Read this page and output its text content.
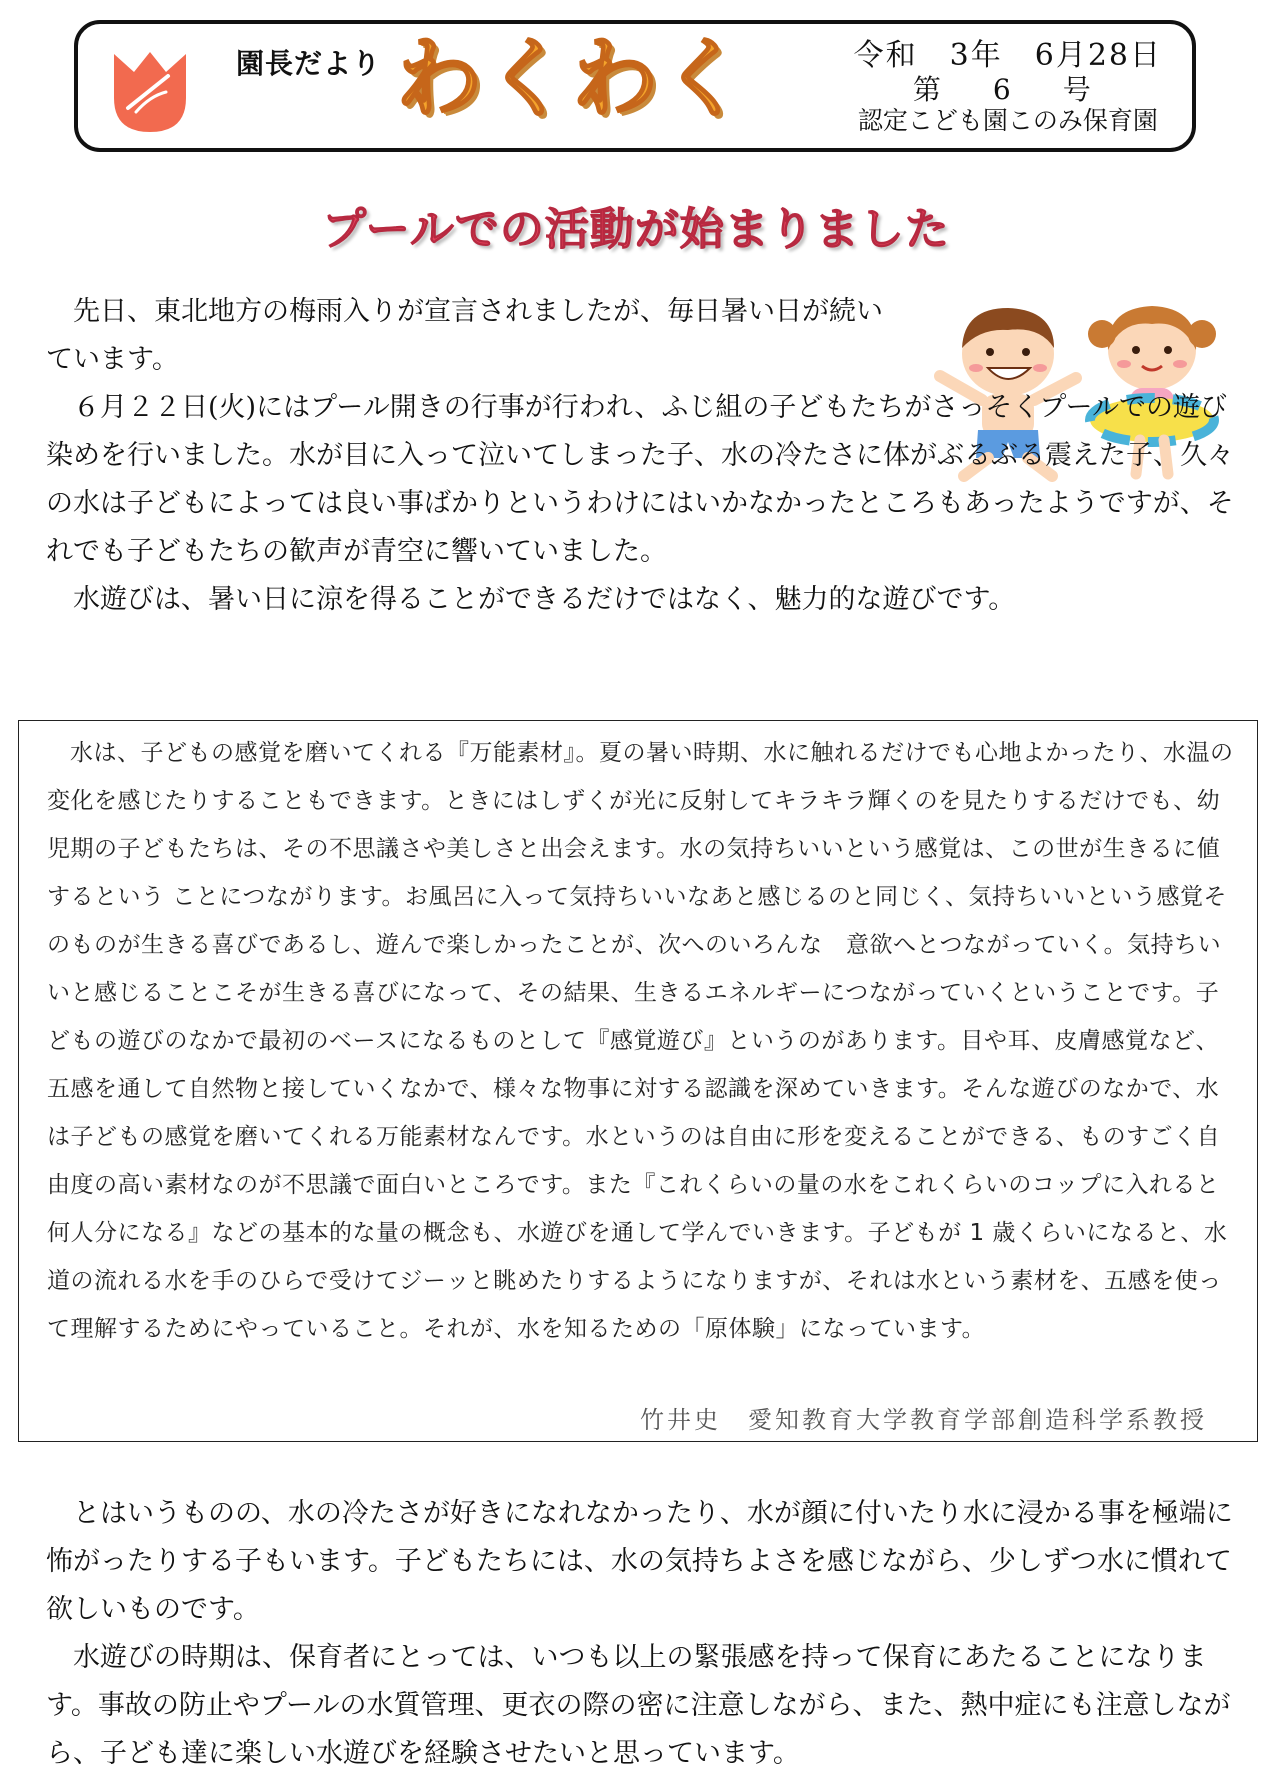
園長だより わくわく	令和　3年　6月28日
第　6　号
認定こども園このみ保育園
プールでの活動が始まりました

先日、東北地方の梅雨入りが宣言されましたが、毎日暑い日が続いています。

６月２２日(火)にはプール開きの行事が行われ、ふじ組の子どもたちがさっそくプールでの遊び染めを行いました。水が目に入って泣いてしまった子、水の冷たさに体がぶるぶる震えた子、久々の水は子どもによっては良い事ばかりというわけにはいかなかったところもあったようですが、それでも子どもたちの歓声が青空に響いていました。

水遊びは、暑い日に涼を得ることができるだけではなく、魅力的な遊びです。

水は、子どもの感覚を磨いてくれる『万能素材』。夏の暑い時期、水に触れるだけでも心地よかったり、水温の変化を感じたりすることもできます。ときにはしずくが光に反射してキラキラ輝くのを見たりするだけでも、幼児期の子どもたちは、その不思議さや美しさと出会えます。水の気持ちいいという感覚は、この世が生きるに値するという ことにつながります。お風呂に入って気持ちいいなあと感じるのと同じく、気持ちいいという感覚そのものが生きる喜びであるし、遊んで楽しかったことが、次へのいろんな　意欲へとつながっていく。気持ちいいと感じることこそが生きる喜びになって、その結果、生きるエネルギーにつながっていくということです。子どもの遊びのなかで最初のベースになるものとして『感覚遊び』というのがあります。目や耳、皮膚感覚など、五感を通して自然物と接していくなかで、様々な物事に対する認識を深めていきます。そんな遊びのなかで、水は子どもの感覚を磨いてくれる万能素材なんです。水というのは自由に形を変えることができる、ものすごく自由度の高い素材なのが不思議で面白いところです。また『これくらいの量の水をこれくらいのコップに入れると何人分になる』などの基本的な量の概念も、水遊びを通して学んでいきます。子どもが 1 歳くらいになると、水道の流れる水を手のひらで受けてジーッと眺めたりするようになりますが、それは水という素材を、五感を使って理解するためにやっていること。それが、水を知るための「原体験」になっています。

竹井史　愛知教育大学教育学部創造科学系教授

とはいうものの、水の冷たさが好きになれなかったり、水が顔に付いたり水に浸かる事を極端に怖がったりする子もいます。子どもたちには、水の気持ちよさを感じながら、少しずつ水に慣れて欲しいものです。

水遊びの時期は、保育者にとっては、いつも以上の緊張感を持って保育にあたることになります。事故の防止やプールの水質管理、更衣の際の密に注意しながら、また、熱中症にも注意しながら、子ども達に楽しい水遊びを経験させたいと思っています。
